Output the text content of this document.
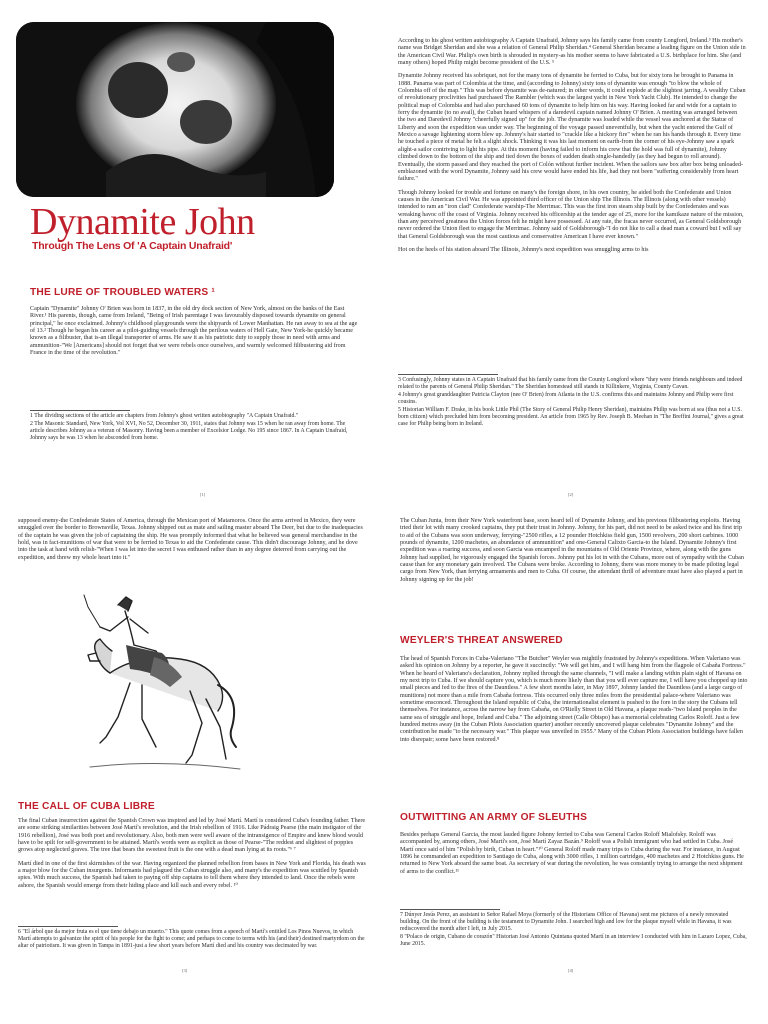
Dynamite John
Through The Lens Of 'A Captain Unafraid'
THE LURE OF TROUBLED WATERS ¹
Captain "Dynamite" Johnny O' Brien was born in 1837, in the old dry dock section of New York, almost on the banks of the East River.¹ His parents, though, came from Ireland, "Being of Irish parentage I was favourably disposed towards dynamite on general principal," he once exclaimed. Johnny's childhood playgrounds were the shipyards of Lower Manhattan. He ran away to sea at the age of 13.² Though he began his career as a pilot-guiding vessels through the perilous waters of Hell Gate, New York-he quickly became known as a filibuster, that is-an illegal transporter of arms. He saw it as his patriotic duty to supply those in need with arms and ammunition-"We [Americans] should not forget that we were rebels once ourselves, and warmly welcomed filibustering aid from France in the time of the revolution."

1 The dividing sections of the article are chapters from Johnny's ghost written autobiography "A Captain Unafraid."

2 The Masonic Standard, New York, Vol XVI, No 52, December 30, 1911, states that Johnny was 15 when he ran away from home. The article describes Johnny as a veteran of Masonry. Having been a member of Excelsior Lodge. No 195 since 1867. In A Captain Unafraid, Johnny says he was 13 when he absconded from home.

[1]

According to his ghost written autobiography A Captain Unafraid, Johnny says his family came from county Longford, Ireland.³ His mother's name was Bridget Sheridan and she was a relation of General Philip Sheridan.⁴ General Sheridan became a leading figure on the Union side in the American Civil War. Philip's own birth is shrouded in mystery-as his mother seems to have fabricated a U.S. birthplace for him. She (and many others) hoped Philip might become president of the U.S. ⁵

Dynamite Johnny received his sobriquet, not for the many tons of dynamite he ferried to Cuba, but for sixty tons he brought to Panama in 1888. Panama was part of Colombia at the time, and (according to Johnny) sixty tons of dynamite was enough "to blow the whole of Colombia off of the map." This was before dynamite was de-natured; in other words, it could explode at the slightest jarring. A wealthy Cuban of revolutionary proclivities had purchased The Rambler (which was the largest yacht in New York Yacht Club). He intended to change the political map of Colombia and had also purchased 60 tons of dynamite to help him on his way. Having looked far and wide for a captain to ferry the dynamite (to no avail), the Cuban heard whispers of a daredevil captain named Johnny O' Brien. A meeting was arranged between the two and Daredevil Johnny "cheerfully signed up" for the job. The dynamite was loaded while the vessel was anchored at the Statue of Liberty and soon the expedition was under way. The beginning of the voyage passed uneventfully, but when the yacht entered the Gulf of Mexico a savage lightening storm blew up. Johnny's hair started to "crackle like a hickory fire" when he ran his hands through it. Every time he touched a piece of metal he felt a slight shock. Thinking it was his last moment on earth-from the corner of his eye-Johnny saw a spark alight-a sailor contriving to light his pipe. At this moment (having failed to inform his crew that the hold was full of dynamite), Johnny climbed down to the bottom of the ship and tied down the boxes of sudden death single-handedly (as they had begun to roll around). Eventually, the storm passed and they reached the port of Colón without further incident. When the sailors saw box after box being unloaded-emblazoned with the word Dynamite, Johnny said his crew would have ended his life, had they not been "suffering considerably from heart failure."

Though Johnny looked for trouble and fortune on many's the foreign shore, in his own country, he aided both the Confederate and Union causes in the American Civil War. He was appointed third officer of the Union ship The Illinois. The Illinois (along with other vessels) intended to ram an "iron clad" Confederate warship-The Merrimac. This was the first iron steam ship built by the Confederates and was wreaking havoc off the coast of Virginia. Johnny received his officership at the tender age of 25, more for the kamikaze nature of the mission, than any perceived greatness the Union forces felt he might have possessed. At any rate, the fracas never occurred, as General Goldsborough never ordered the Union fleet to engage the Merrimac. Johnny said of Goldsborough-"I do not like to call a dead man a coward but I will say that General Goldsborough was the most cautious and conservative American I have ever known."

Hot on the heels of his station aboard The Illinois, Johnny's next expedition was smuggling arms to his

3 Confusingly, Johnny states in A Captain Unafraid that his family came from the County Longford where "they were friends neighbours and indeed related to the parents of General Philip Sheridan." The Sheridan homestead still stands in Killinkere, Virginia, County Cavan.

4 Johnny's great granddaughter Patricia Clayton (nee O' Brien) from Atlanta in the U.S. confirms this and maintains Johnny and Philip were first cousins.

5 Historian William F. Drake, in his book Little Phil (The Story of General Philip Henry Sheridan), maintains Philip was born at sea (thus not a U.S. born citizen) which precluded him from becoming president. An article from 1965 by Rev. Joseph B. Meehan in "The Breffini Journal," gives a great case for Philip being born in Ireland.

[2]
supposed enemy-the Confederate States of America, through the Mexican port of Matamoros. Once the arms arrived in Mexico, they were smuggled over the border to Brownsville, Texas. Johnny shipped out as mate and sailing master aboard The Deer, but due to the inadequacies of the captain he was given the job of captaining the ship. He was promptly informed that what he believed was general merchandise in the hold, was in fact-munitions of war that were to be ferried to Texas to aid the Confederate cause. This didn't discourage Johnny, and he dove into the task at hand with relish-"When I was let into the secret I was enthused rather than in any degree deterred from carrying out the expedition, and threw my whole heart into it."
THE CALL OF CUBA LIBRE

The final Cuban insurrection against the Spanish Crown was inspired and led by José Martí. Martí is considered Cuba's founding father. There are some striking similarities between José Martí's revolution, and the Irish rebellion of 1916. Like Pádraig Pearse (the main instigator of the 1916 rebellion), José was both poet and revolutionary. Also, both men were well aware of the intransigence of Empire and knew blood would have to be spilt for self-government to be attained. Martí's words were as explicit as those of Pearse-"The reddest and slightest of poppies grows atop neglected graves. The tree that bears the sweetest fruit is the one with a dead man lying at its roots."⁶ ⁷

Martí died in one of the first skirmishes of the war. Having organized the planned rebellion from bases in New York and Florida, his death was a major blow for the Cuban insurgents. Informants had plagued the Cuban struggle also, and many's the expedition was scuttled by Spanish spies. With much success, the Spanish had taken to paying off ship captains to tell them where they intended to land. Once the rebels were ashore, the Spanish would emerge from their hiding place and kill each and every rebel. ¹⁰

6 "El árbol que da mejor fruta es el que tiene debajo un muerto." This quote comes from a speech of Martí's entitled Los Pinos Nuevos, in which Martí attempts to galvanize the spirit of his people for the fight to come; and perhaps to come to terms with his (and their) destined martyrdom on the altar of patriotism. It was given in Tampa in 1891-just a few short years before Martí died and his country was decimated by war.

[3]
The Cuban Junta, from their New York waterfront base, soon heard tell of Dynamite Johnny, and his previous filibustering exploits. Having tried their lot with many crooked captains, they put their trust in Johnny. Johnny, for his part, did not need to be asked twice and his first trip to aid of the Cubans was soon underway, ferrying-"2500 rifles, a 12 pounder Hotchkiss field gun, 1500 revolvers, 200 short carbines. 1000 pounds of dynamite, 1200 machetes, an abundance of ammunition" and one-General Calixto Garcia-to the Island. Dynamite Johnny's first expedition was a roaring success, and soon Garcia was encamped in the mountains of Old Oriente Province, where, along with the guns Johnny had supplied, he vigorously engaged the Spanish forces. Johnny put his lot in with the Cubans, more out of sympathy with the Cuban cause than for any monetary gain involved. The Cubans were broke. According to Johnny, there was more money to be made piloting legal cargo from New York, than ferrying armaments and men to Cuba. Of course, the attendant thrill of adventure must have also played a part in Johnny signing up for the job!
WEYLER'S THREAT ANSWERED
The head of Spanish Forces in Cuba-Valeriano "The Butcher" Weyler was mightily frustrated by Johnny's expeditions. When Valeriano was asked his opinion on Johnny by a reporter, he gave it succinctly: "We will get him, and I will hang him from the flagpole of Cabaña Fortress." When he heard of Valeriano's declaration, Johnny replied through the same channels, "I will make a landing within plain sight of Havana on my next trip to Cuba. If we should capture you, which is much more likely than that you will ever capture me, I will have you chopped up into small pieces and fed to the fires of the Dauntless." A few short months later, in May 1897, Johnny landed the Dauntless (and a large cargo of munitions) not more than a mile from Cabaña fortress. This occurred only three miles from the presidential palace-where Valeriano was sometime ensconced. Throughout the Island republic of Cuba, the internationalist element is pushed to the fore in the story the Cubans tell themselves. For instance, across the narrow bay from Cabaña, on O'Rielly Street in Old Havana, a plaque reads-"two Island peoples in the same sea of struggle and hope, Ireland and Cuba." The adjoining street (Calle Obispo) has a memorial celebrating Carlos Roloff. Just a few hundred metres away (in the Cuban Pilots Association quarter) another recently uncovered plaque celebrates "Dynamite Johnny" and the contribution he made "to the necessary war." This plaque was unveiled in 1955.⁷ Many of the Cuban Pilots Association buildings have fallen into disrepair; some have been restored.⁸
OUTWITTING AN ARMY OF SLEUTHS
Besides perhaps General Garcia, the most lauded figure Johnny ferried to Cuba was General Carlos Roloff Mialofsky. Roloff was accompanied by, among others, José Martí's son, José Martí Zayaz Bazán.⁹ Roloff was a Polish immigrant who had settled in Cuba. José Martí once said of him "Polish by birth, Cuban in heart."¹⁰ General Roloff made many trips to Cuba during the war. For instance, in August 1896 he commanded an expedition to Santiago de Cuba, along with 3000 rifles, 1 million cartridges, 400 machetes and 2 Hotchkiss guns. He returned to New York aboard the same boat. As secretary of war during the revolution, he was constantly trying to arrange the next shipment of arms to the conflict.¹¹

7 Dúnyer Jesús Perez, an assistant to Señor Rafael Moya (formerly of the Historians Office of Havana) sent me pictures of a newly renovated building. On the front of the building is the testament to Dynamite John. I searched high and low for the plaque myself while in Havana, it was rediscovered the month after I left, in July 2015.

8 "Polaco de origin, Cubano de corazón" Historian José Antonio Quintana quoted Martí in an interview I conducted with him in Lazaro Lopez, Cuba, June 2015.

[4]
